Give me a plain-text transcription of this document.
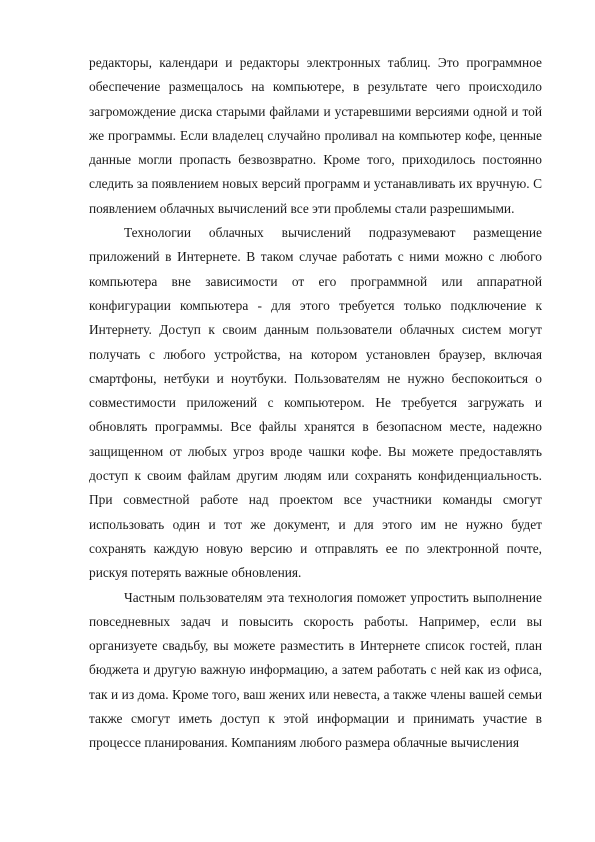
редакторы, календари и редакторы электронных таблиц. Это программное
обеспечение размещалось на компьютере, в результате чего происходило
загромождение диска старыми файлами и устаревшими версиями одной и той
же программы. Если владелец случайно проливал на компьютер кофе, ценные
данные могли пропасть безвозвратно. Кроме того, приходилось постоянно
следить за появлением новых версий программ и устанавливать их вручную. С
появлением облачных вычислений все эти проблемы стали разрешимыми.
Технологии облачных вычислений подразумевают размещение
приложений в Интернете. В таком случае работать с ними можно с любого
компьютера вне зависимости от его программной или аппаратной
конфигурации компьютера - для этого требуется только подключение к
Интернету. Доступ к своим данным пользователи облачных систем могут
получать с любого устройства, на котором установлен браузер, включая
смартфоны, нетбуки и ноутбуки. Пользователям не нужно беспокоиться о
совместимости приложений с компьютером. Не требуется загружать и
обновлять программы. Все файлы хранятся в безопасном месте, надежно
защищенном от любых угроз вроде чашки кофе. Вы можете предоставлять
доступ к своим файлам другим людям или сохранять конфиденциальность.
При совместной работе над проектом все участники команды смогут
использовать один и тот же документ, и для этого им не нужно будет
сохранять каждую новую версию и отправлять ее по электронной почте,
рискуя потерять важные обновления.
Частным пользователям эта технология поможет упростить выполнение
повседневных задач и повысить скорость работы. Например, если вы
организуете свадьбу, вы можете разместить в Интернете список гостей, план
бюджета и другую важную информацию, а затем работать с ней как из офиса,
так и из дома. Кроме того, ваш жених или невеста, а также члены вашей семьи
также смогут иметь доступ к этой информации и принимать участие в
процессе планирования. Компаниям любого размера облачные вычисления
